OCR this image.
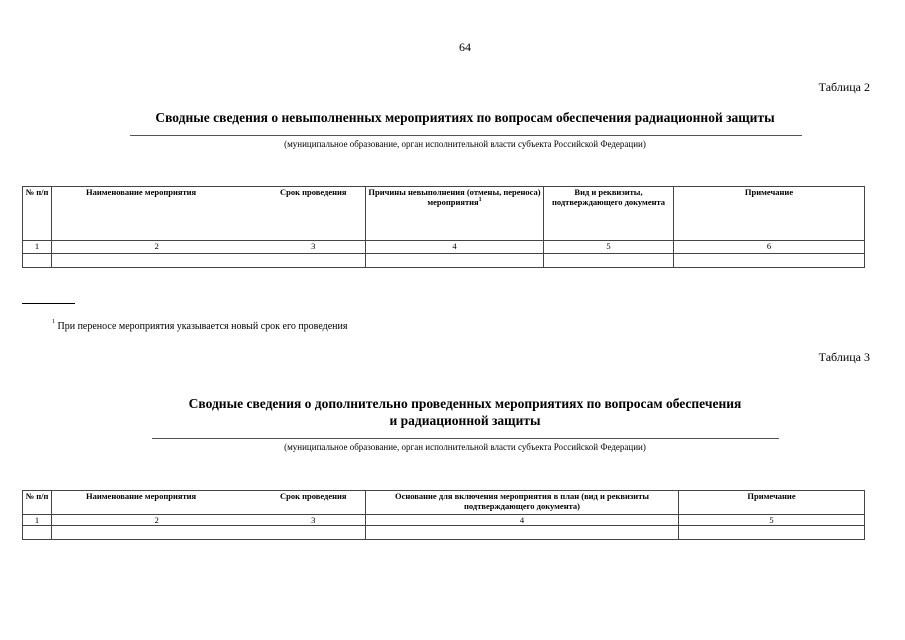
64
Таблица 2
Сводные сведения о невыполненных мероприятиях по вопросам обеспечения радиационной защиты
(муниципальное образование, орган исполнительной власти субъекта Российской Федерации)
№ п/п	Наименование мероприятия	Срок проведения	Причины невыполнения (отмены, переноса) мероприятия$^1$	Вид и реквизиты, подтверждающего документа	Примечание
1	2	3	4	5	6

$^1$ При переносе мероприятия указывается новый срок его проведения
Таблица 3
Сводные сведения о дополнительно проведенных мероприятиях по вопросам обеспечения
и радиационной защиты
(муниципальное образование, орган исполнительной власти субъекта Российской Федерации)
№ п/п	Наименование мероприятия	Срок проведения	Основание для включения мероприятия в план (вид и реквизиты подтверждающего документа)	Примечание
1	2	3	4	5
